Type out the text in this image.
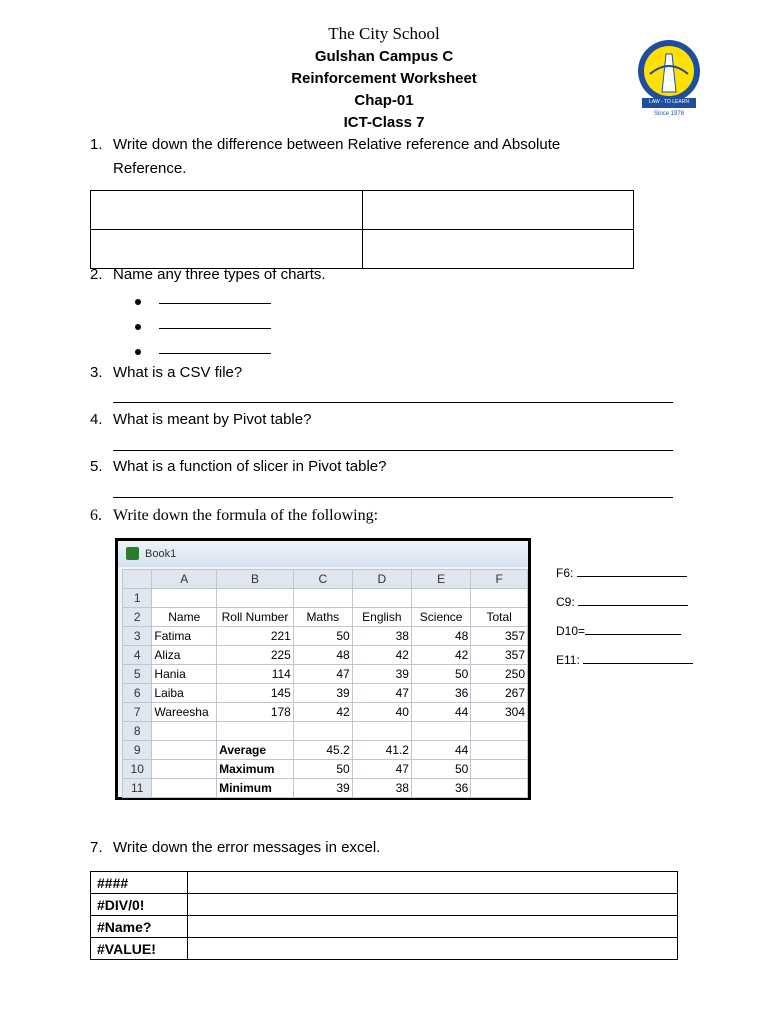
The City School
Gulshan Campus C
Reinforcement Worksheet
Chap-01
ICT-Class 7
LAW - TO LEARN
Since 1978
1. Write down the difference between Relative reference and Absolute
Reference.

2. Name any three types of charts.
3. What is a CSV file?
4. What is meant by Pivot table?
5. What is a function of slicer in Pivot table?
6. Write down the formula of the following:
Book1
	A	B	C	D	E	F
1						
2	Name	Roll Number	Maths	English	Science	Total
3	Fatima	221	50	38	48	357
4	Aliza	225	48	42	42	357
5	Hania	114	47	39	50	250
6	Laiba	145	39	47	36	267
7	Wareesha	178	42	40	44	304
8						
9		Average	45.2	41.2	44	
10		Maximum	50	47	50	
11		Minimum	39	38	36	
F6:
C9:
D10=
E11:
7. Write down the error messages in excel.
####	
#DIV/0!	
#Name?	
#VALUE!	
